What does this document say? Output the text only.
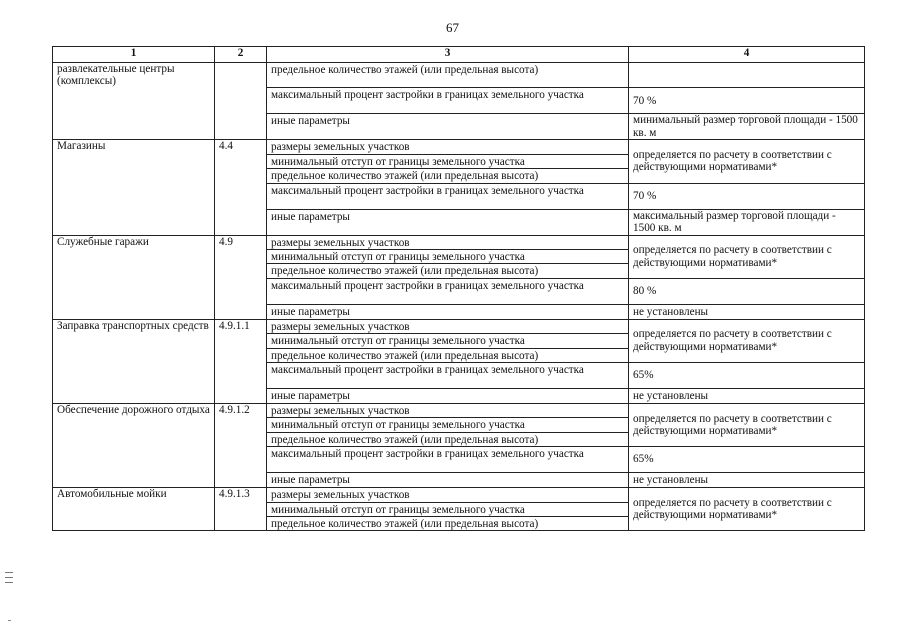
67
1	2	3	4
развлекательные центры (комплексы)		предельное количество этажей (или предельная высота)	
		максимальный процент застройки в границах земельного участка	70 %
		иные параметры	минимальный размер торговой площади - 1500 кв. м
Магазины	4.4	размеры земельных участков	определяется по расчету в соответствии с действующими нормативами*
		минимальный отступ от границы земельного участка	
		предельное количество этажей (или предельная высота)	
		максимальный процент застройки в границах земельного участка	70 %
		иные параметры	максимальный размер торговой площади - 1500 кв. м
Служебные гаражи	4.9	размеры земельных участков	определяется по расчету в соответствии с действующими нормативами*
		минимальный отступ от границы земельного участка	
		предельное количество этажей (или предельная высота)	
		максимальный процент застройки в границах земельного участка	80 %
		иные параметры	не установлены
Заправка транспортных средств	4.9.1.1	размеры земельных участков	определяется по расчету в соответствии с действующими нормативами*
		минимальный отступ от границы земельного участка	
		предельное количество этажей (или предельная высота)	
		максимальный процент застройки в границах земельного участка	65%
		иные параметры	не установлены
Обеспечение дорожного отдыха	4.9.1.2	размеры земельных участков	определяется по расчету в соответствии с действующими нормативами*
		минимальный отступ от границы земельного участка	
		предельное количество этажей (или предельная высота)	
		максимальный процент застройки в границах земельного участка	65%
		иные параметры	не установлены
Автомобильные мойки	4.9.1.3	размеры земельных участков	определяется по расчету в соответствии с действующими нормативами*
		минимальный отступ от границы земельного участка	
		предельное количество этажей (или предельная высота)	
